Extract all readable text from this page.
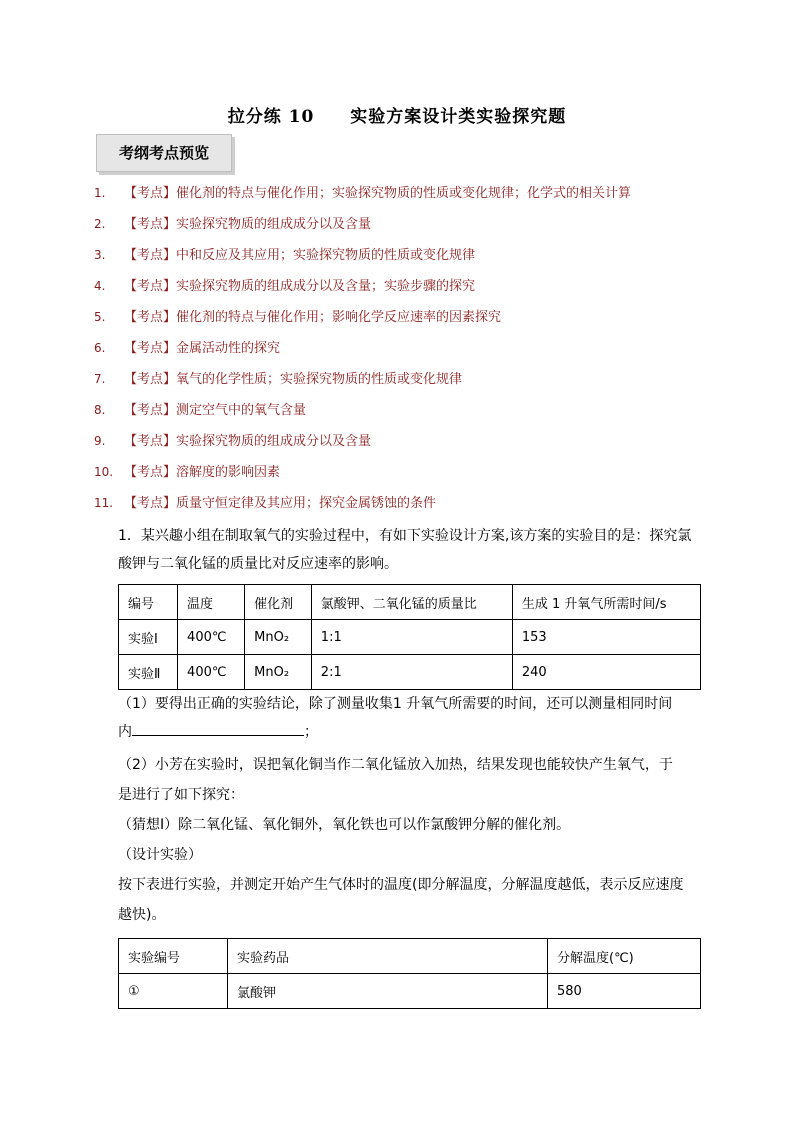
拉分练 10 实验方案设计类实验探究题
考纲考点预览
1. 【考点】催化剂的特点与催化作用；实验探究物质的性质或变化规律；化学式的相关计算
2. 【考点】实验探究物质的组成成分以及含量
3. 【考点】中和反应及其应用；实验探究物质的性质或变化规律
4. 【考点】实验探究物质的组成成分以及含量；实验步骤的探究
5. 【考点】催化剂的特点与催化作用；影响化学反应速率的因素探究
6. 【考点】金属活动性的探究
7. 【考点】氧气的化学性质；实验探究物质的性质或变化规律
8. 【考点】测定空气中的氧气含量
9. 【考点】实验探究物质的组成成分以及含量
10. 【考点】溶解度的影响因素
11. 【考点】质量守恒定律及其应用；探究金属锈蚀的条件
1．某兴趣小组在制取氧气的实验过程中，有如下实验设计方案,该方案的实验目的是：探究氯酸钾与二氧化锰的质量比对反应速率的影响。
编号	温度	催化剂	氯酸钾、二氧化锰的质量比	生成 1 升氧气所需时间/s
实验Ⅰ	400℃	MnO₂	1:1	153
实验Ⅱ	400℃	MnO₂	2:1	240
（1）要得出正确的实验结论，除了测量收集1 升氧气所需要的时间，还可以测量相同时间
内	；
（2）小芳在实验时，误把氧化铜当作二氧化锰放入加热，结果发现也能较快产生氧气，于
是进行了如下探究：
（猜想Ⅰ）除二氧化锰、氧化铜外，氧化铁也可以作氯酸钾分解的催化剂。
（设计实验）
按下表进行实验，并测定开始产生气体时的温度(即分解温度，分解温度越低，表示反应速度
越快)。
实验编号	实验药品	分解温度(℃)
①	氯酸钾	580
